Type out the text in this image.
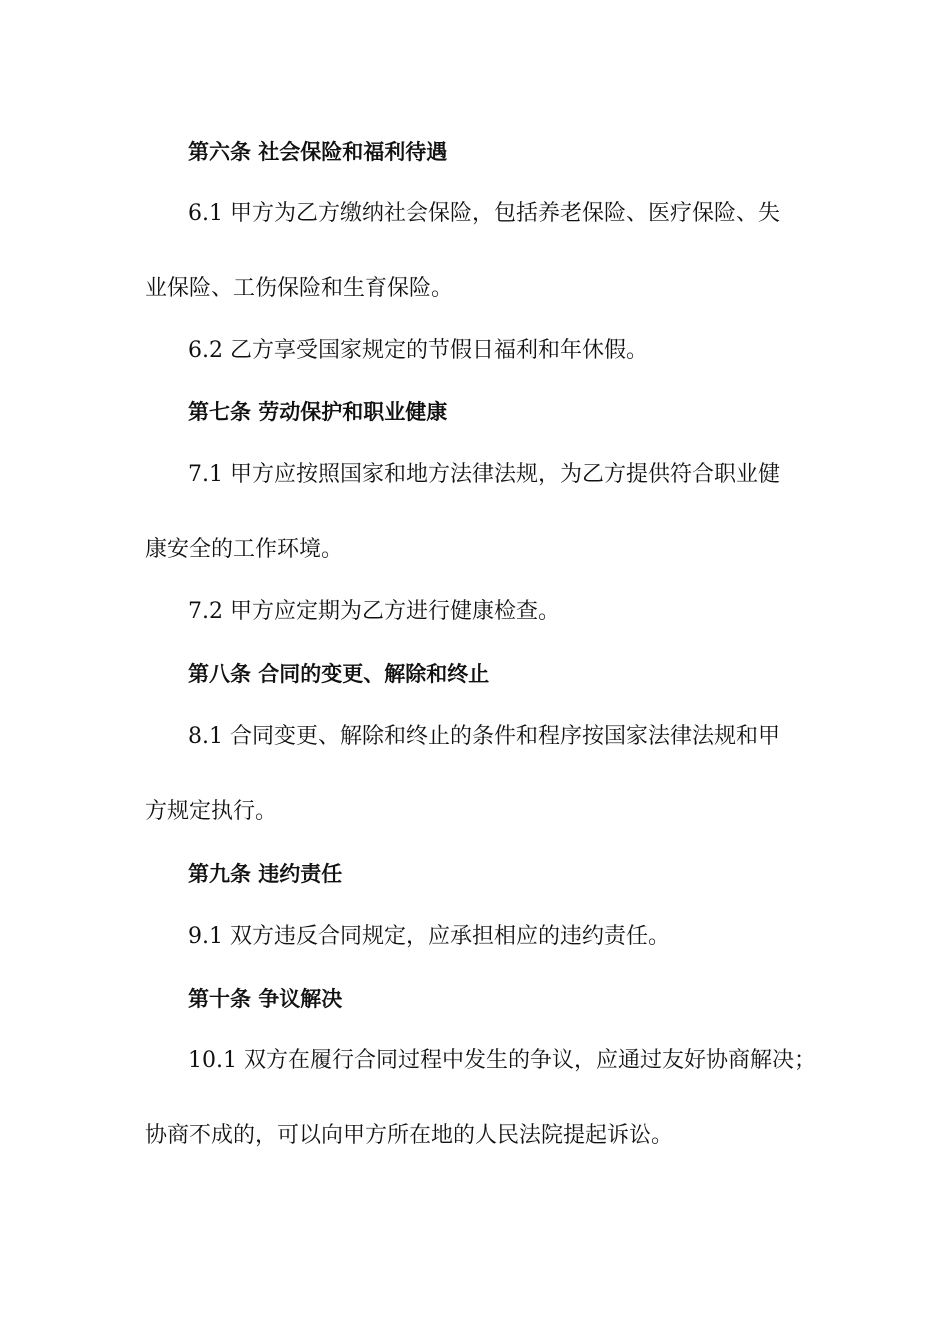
第六条 社会保险和福利待遇
6.1 甲方为乙方缴纳社会保险，包括养老保险、医疗保险、失
业保险、工伤保险和生育保险。
6.2 乙方享受国家规定的节假日福利和年休假。
第七条 劳动保护和职业健康
7.1 甲方应按照国家和地方法律法规，为乙方提供符合职业健
康安全的工作环境。
7.2 甲方应定期为乙方进行健康检查。
第八条 合同的变更、解除和终止
8.1 合同变更、解除和终止的条件和程序按国家法律法规和甲
方规定执行。
第九条 违约责任
9.1 双方违反合同规定，应承担相应的违约责任。
第十条 争议解决
10.1 双方在履行合同过程中发生的争议，应通过友好协商解决；
协商不成的，可以向甲方所在地的人民法院提起诉讼。
